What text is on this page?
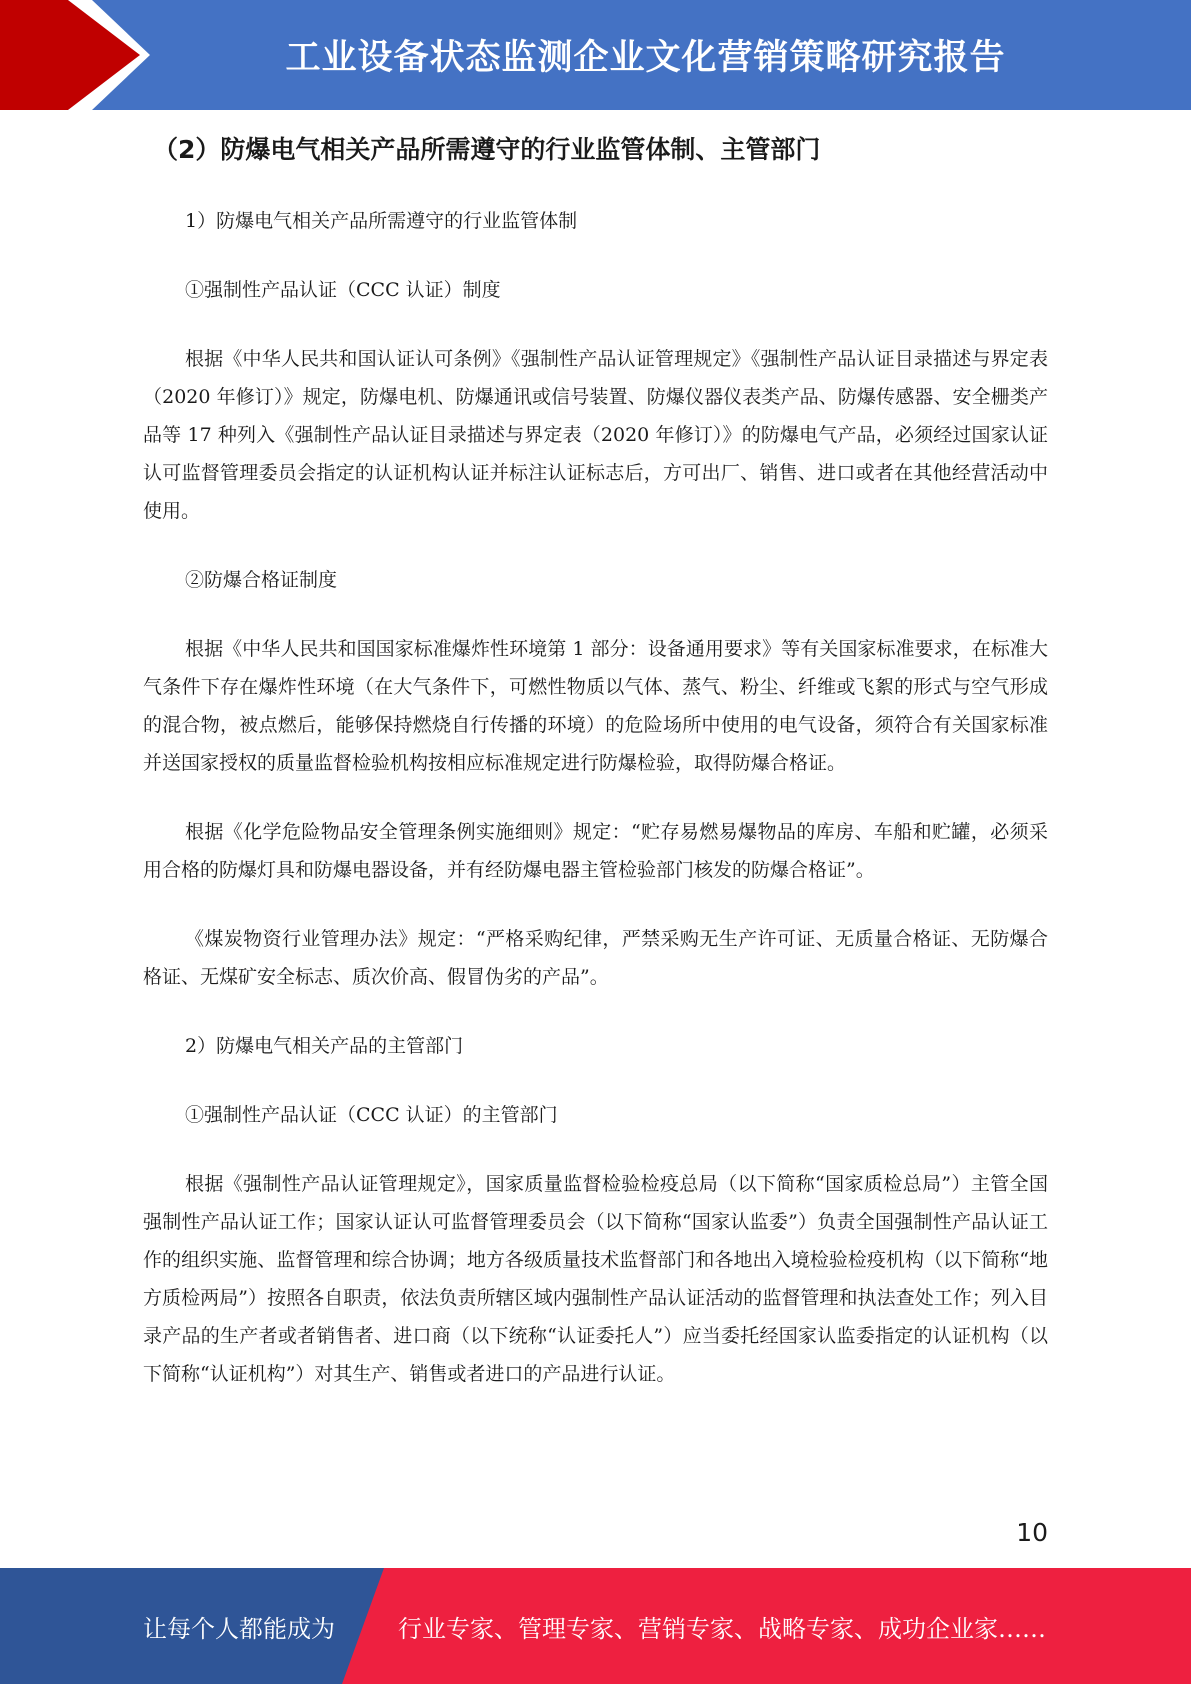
工业设备状态监测企业文化营销策略研究报告
（2）防爆电气相关产品所需遵守的行业监管体制、主管部门

1）防爆电气相关产品所需遵守的行业监管体制

①强制性产品认证（CCC 认证）制度

根据《中华人民共和国认证认可条例》《强制性产品认证管理规定》《强制性产品认证目录描述与界定表（2020 年修订）》规定，防爆电机、防爆通讯或信号装置、防爆仪器仪表类产品、防爆传感器、安全栅类产品等 17 种列入《强制性产品认证目录描述与界定表（2020 年修订）》的防爆电气产品，必须经过国家认证认可监督管理委员会指定的认证机构认证并标注认证标志后，方可出厂、销售、进口或者在其他经营活动中使用。

②防爆合格证制度

根据《中华人民共和国国家标准爆炸性环境第 1 部分：设备通用要求》等有关国家标准要求，在标准大气条件下存在爆炸性环境（在大气条件下，可燃性物质以气体、蒸气、粉尘、纤维或飞絮的形式与空气形成的混合物，被点燃后，能够保持燃烧自行传播的环境）的危险场所中使用的电气设备，须符合有关国家标准并送国家授权的质量监督检验机构按相应标准规定进行防爆检验，取得防爆合格证。

根据《化学危险物品安全管理条例实施细则》规定：“贮存易燃易爆物品的库房、车船和贮罐，必须采用合格的防爆灯具和防爆电器设备，并有经防爆电器主管检验部门核发的防爆合格证”。

《煤炭物资行业管理办法》规定：“严格采购纪律，严禁采购无生产许可证、无质量合格证、无防爆合格证、无煤矿安全标志、质次价高、假冒伪劣的产品”。

2）防爆电气相关产品的主管部门

①强制性产品认证（CCC 认证）的主管部门

根据《强制性产品认证管理规定》，国家质量监督检验检疫总局（以下简称“国家质检总局”）主管全国强制性产品认证工作；国家认证认可监督管理委员会（以下简称“国家认监委”）负责全国强制性产品认证工作的组织实施、监督管理和综合协调；地方各级质量技术监督部门和各地出入境检验检疫机构（以下简称“地方质检两局”）按照各自职责，依法负责所辖区域内强制性产品认证活动的监督管理和执法查处工作；列入目录产品的生产者或者销售者、进口商（以下统称“认证委托人”）应当委托经国家认监委指定的认证机构（以下简称“认证机构”）对其生产、销售或者进口的产品进行认证。

10
让每个人都能成为	行业专家、管理专家、营销专家、战略专家、成功企业家……
